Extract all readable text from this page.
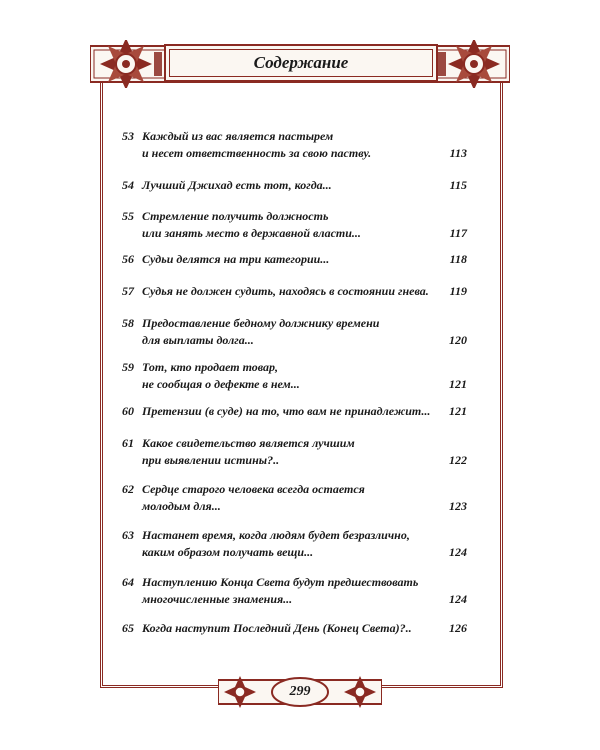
Содержание
53 Каждый из вас является пастырем
и несет ответственность за свою паству.	113
54 Лучший Джихад есть тот, когда...	115
55 Стремление получить должность
или занять место в державной власти...	117
56 Судьи делятся на три категории...	118
57 Судья не должен судить, находясь в состоянии гнева. 119
58 Предоставление бедному должнику времени
для выплаты долга...	120
59 Тот, кто продает товар,
не сообщая о дефекте в нем...	121
60 Претензии (в суде) на то, что вам не принадлежит... 121
61 Какое свидетельство является лучшим
при выявлении истины?..	122
62 Сердце старого человека всегда остается
молодым для...	123
63 Настанет время, когда людям будет безразлично,
каким образом получать вещи...	124
64 Наступлению Конца Света будут предшествовать
многочисленные знамения...	124
65 Когда наступит Последний День (Конец Света)?..	126
299
